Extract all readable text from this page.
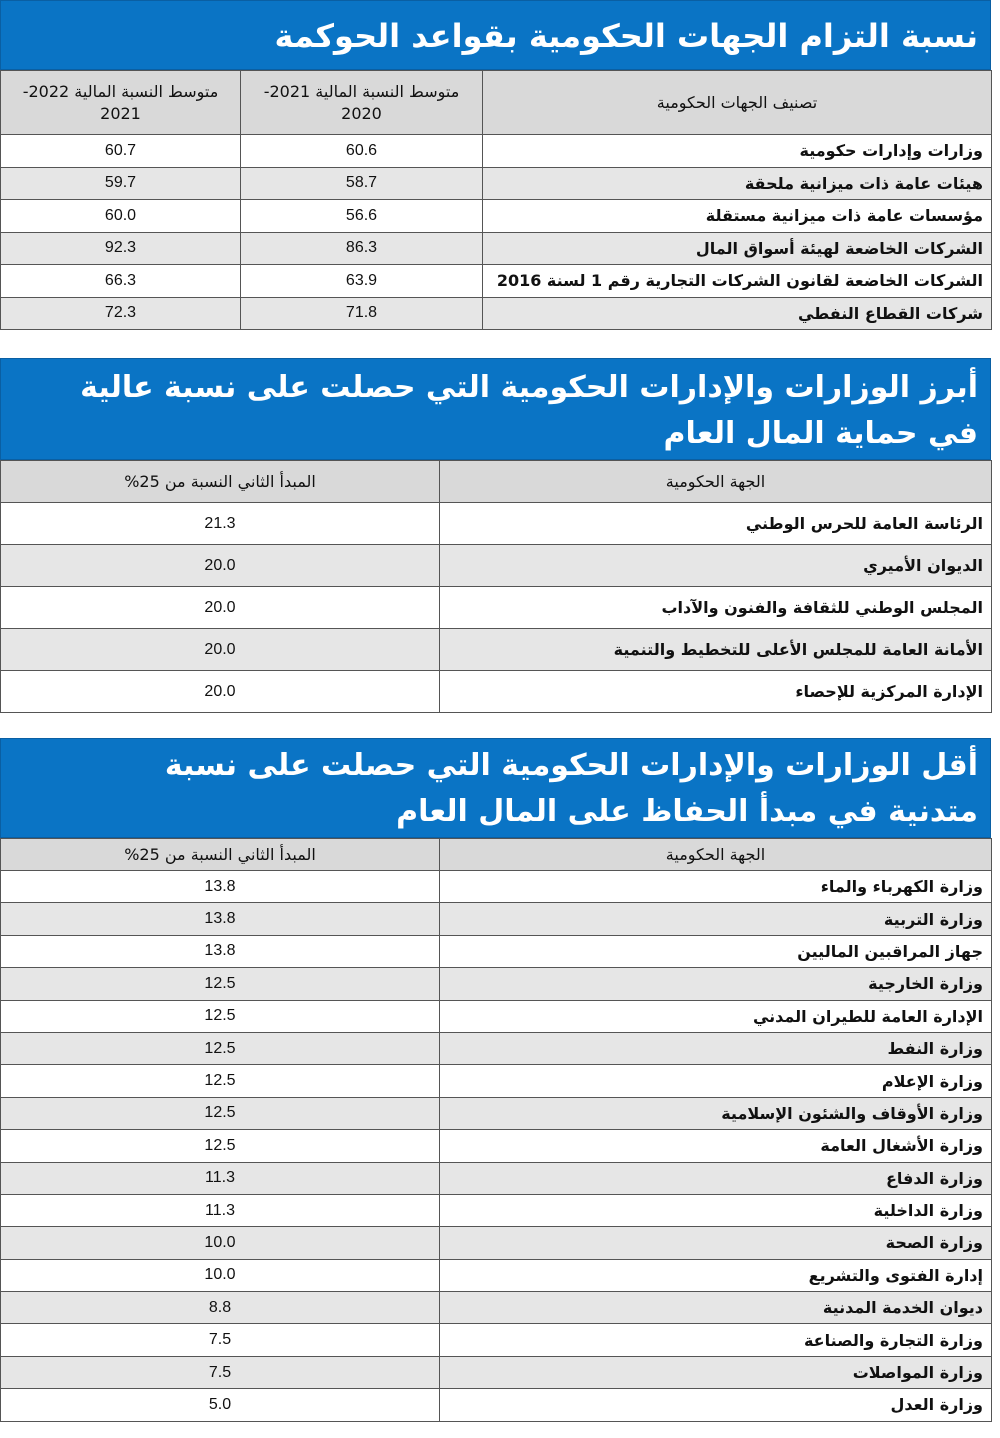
نسبة التزام الجهات الحكومية بقواعد الحوكمة
تصنيف الجهات الحكومية	متوسط النسبة المالية 2021-2020	متوسط النسبة المالية 2022-2021
وزارات وإدارات حكومية	60.6	60.7
هيئات عامة ذات ميزانية ملحقة	58.7	59.7
مؤسسات عامة ذات ميزانية مستقلة	56.6	60.0
الشركات الخاضعة لهيئة أسواق المال	86.3	92.3
الشركات الخاضعة لقانون الشركات التجارية رقم 1 لسنة 2016	63.9	66.3
شركات القطاع النفطي	71.8	72.3
أبرز الوزارات والإدارات الحكومية التي حصلت على نسبة عالية
في حماية المال العام
الجهة الحكومية	المبدأ الثاني النسبة من 25%
الرئاسة العامة للحرس الوطني	21.3
الديوان الأميري	20.0
المجلس الوطني للثقافة والفنون والآداب	20.0
الأمانة العامة للمجلس الأعلى للتخطيط والتنمية	20.0
الإدارة المركزية للإحصاء	20.0
أقل الوزارات والإدارات الحكومية التي حصلت على نسبة
متدنية في مبدأ الحفاظ على المال العام
الجهة الحكومية	المبدأ الثاني النسبة من 25%
وزارة الكهرباء والماء	13.8
وزارة التربية	13.8
جهاز المراقبين الماليين	13.8
وزارة الخارجية	12.5
الإدارة العامة للطيران المدني	12.5
وزارة النفط	12.5
وزارة الإعلام	12.5
وزارة الأوقاف والشئون الإسلامية	12.5
وزارة الأشغال العامة	12.5
وزارة الدفاع	11.3
وزارة الداخلية	11.3
وزارة الصحة	10.0
إدارة الفتوى والتشريع	10.0
ديوان الخدمة المدنية	8.8
وزارة التجارة والصناعة	7.5
وزارة المواصلات	7.5
وزارة العدل	5.0
